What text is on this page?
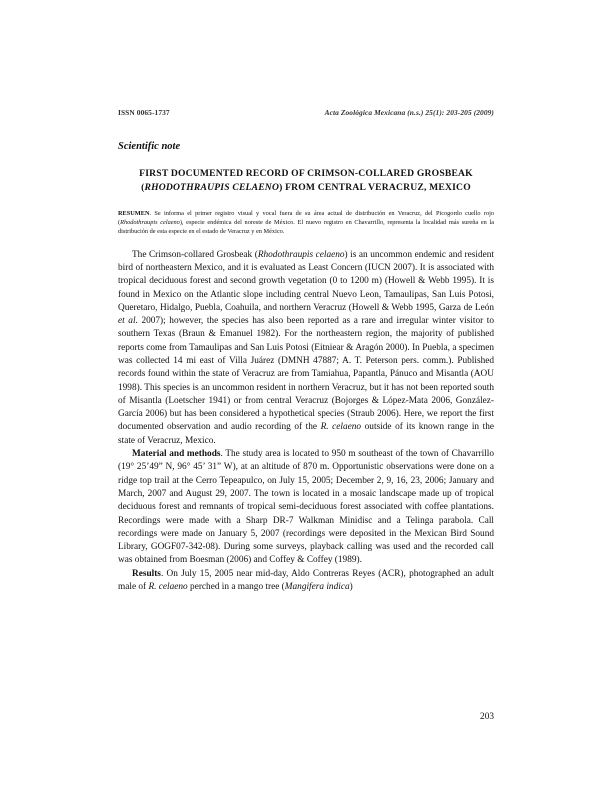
ISSN 0065-1737	Acta Zoológica Mexicana (n.s.) 25(1): 203-205 (2009)
Scientific note
FIRST DOCUMENTED RECORD OF CRIMSON-COLLARED GROSBEAK
(RHODOTHRAUPIS CELAENO) FROM CENTRAL VERACRUZ, MEXICO
RESUMEN. Se informa el primer registro visual y vocal fuera de su área actual de distribución en Veracruz, del Picogordo cuello rojo (Rhodothraupis celaeno), especie endémica del noreste de México. El nuevo registro en Chavarrillo, representa la localidad más sureña en la distribución de esta especie en el estado de Veracruz y en México.

The Crimson-collared Grosbeak (Rhodothraupis celaeno) is an uncommon endemic and resident bird of northeastern Mexico, and it is evaluated as Least Concern (IUCN 2007). It is associated with tropical deciduous forest and second growth vegetation (0 to 1200 m) (Howell & Webb 1995). It is found in Mexico on the Atlantic slope including central Nuevo Leon, Tamaulipas, San Luis Potosi, Queretaro, Hidalgo, Puebla, Coahuila, and northern Veracruz (Howell & Webb 1995, Garza de León et al. 2007); however, the species has also been reported as a rare and irregular winter visitor to southern Texas (Braun & Emanuel 1982). For the northeastern region, the majority of published reports come from Tamaulipas and San Luis Potosi (Eitniear & Aragón 2000). In Puebla, a specimen was collected 14 mi east of Villa Juárez (DMNH 47887; A. T. Peterson pers. comm.). Published records found within the state of Veracruz are from Tamiahua, Papantla, Pánuco and Misantla (AOU 1998). This species is an uncommon resident in northern Veracruz, but it has not been reported south of Misantla (Loetscher 1941) or from central Veracruz (Bojorges & López-Mata 2006, González-García 2006) but has been considered a hypothetical species (Straub 2006). Here, we report the first documented observation and audio recording of the R. celaeno outside of its known range in the state of Veracruz, Mexico.

Material and methods. The study area is located to 950 m southeast of the town of Chavarrillo (19° 25’49” N, 96° 45’ 31” W), at an altitude of 870 m. Opportunistic observations were done on a ridge top trail at the Cerro Tepeapulco, on July 15, 2005; December 2, 9, 16, 23, 2006; January and March, 2007 and August 29, 2007. The town is located in a mosaic landscape made up of tropical deciduous forest and remnants of tropical semi-deciduous forest associated with coffee plantations. Recordings were made with a Sharp DR-7 Walkman Minidisc and a Telinga parabola. Call recordings were made on January 5, 2007 (recordings were deposited in the Mexican Bird Sound Library, GOGF07-342-08). During some surveys, playback calling was used and the recorded call was obtained from Boesman (2006) and Coffey & Coffey (1989).

Results. On July 15, 2005 near mid-day, Aldo Contreras Reyes (ACR), photographed an adult male of R. celaeno perched in a mango tree (Mangifera indica)

203
